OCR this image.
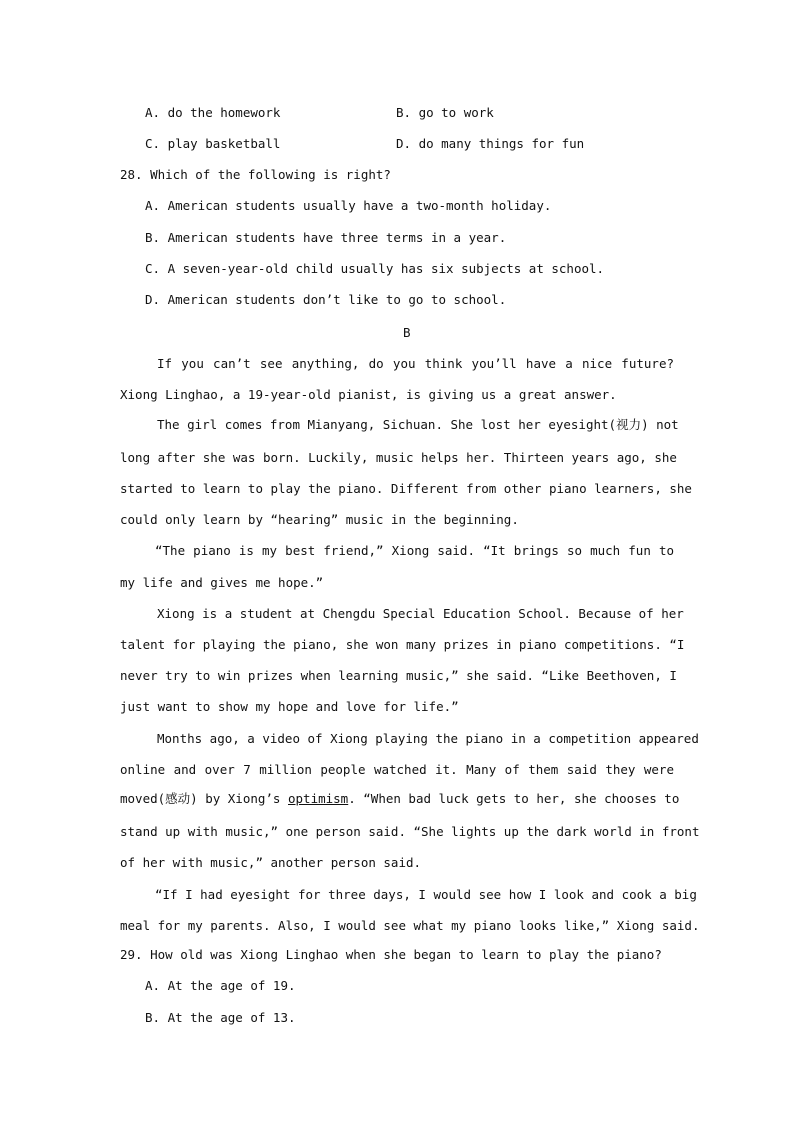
A. do the homework	B. go to work
C. play basketball	D. do many things for fun
28. Which of the following is right?
A. American students usually have a two-month holiday.
B. American students have three terms in a year.
C. A seven-year-old child usually has six subjects at school.
D. American students don’t like to go to school.
B
If you can’t see anything, do you think you’ll have a nice future?
Xiong Linghao, a 19-year-old pianist, is giving us a great answer.
The girl comes from Mianyang, Sichuan. She lost her eyesight(视力) not
long after she was born. Luckily, music helps her. Thirteen years ago, she
started to learn to play the piano. Different from other piano learners, she
could only learn by “hearing” music in the beginning.
“The piano is my best friend,” Xiong said. “It brings so much fun to
my life and gives me hope.”
Xiong is a student at Chengdu Special Education School. Because of her
talent for playing the piano, she won many prizes in piano competitions. “I
never try to win prizes when learning music,” she said. “Like Beethoven, I
just want to show my hope and love for life.”
Months ago, a video of Xiong playing the piano in a competition appeared
online and over 7 million people watched it. Many of them said they were
moved(感动) by Xiong’s optimism. “When bad luck gets to her, she chooses to
stand up with music,” one person said. “She lights up the dark world in front
of her with music,” another person said.
“If I had eyesight for three days, I would see how I look and cook a big
meal for my parents. Also, I would see what my piano looks like,” Xiong said.
29. How old was Xiong Linghao when she began to learn to play the piano?
A. At the age of 19.
B. At the age of 13.
